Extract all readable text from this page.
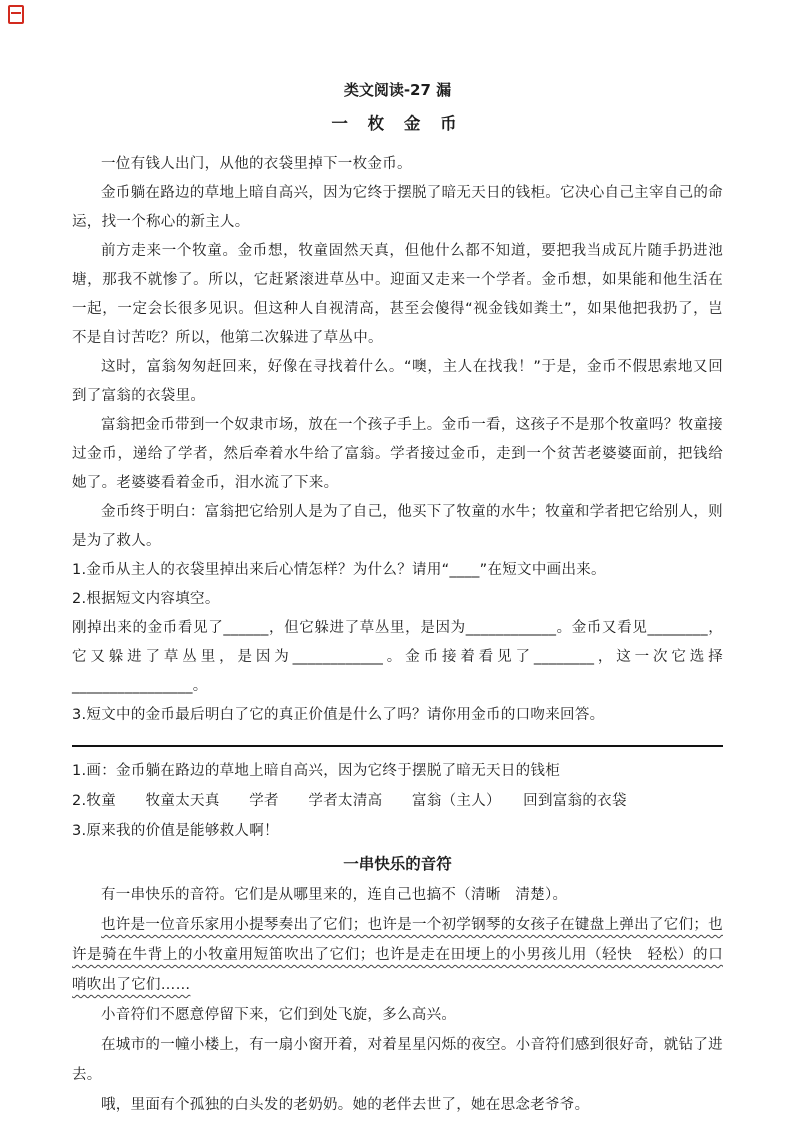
类文阅读-27 漏
一 枚 金 币

一位有钱人出门，从他的衣袋里掉下一枚金币。

金币躺在路边的草地上暗自高兴，因为它终于摆脱了暗无天日的钱柜。它决心自己主宰自己的命运，找一个称心的新主人。

前方走来一个牧童。金币想，牧童固然天真，但他什么都不知道，要把我当成瓦片随手扔进池塘，那我不就惨了。所以，它赶紧滚进草丛中。迎面又走来一个学者。金币想，如果能和他生活在一起，一定会长很多见识。但这种人自视清高，甚至会傻得“视金钱如粪土”，如果他把我扔了，岂不是自讨苦吃？所以，他第二次躲进了草丛中。

这时，富翁匆匆赶回来，好像在寻找着什么。“噢，主人在找我！”于是，金币不假思索地又回到了富翁的衣袋里。

富翁把金币带到一个奴隶市场，放在一个孩子手上。金币一看，这孩子不是那个牧童吗？牧童接过金币，递给了学者，然后牵着水牛给了富翁。学者接过金币，走到一个贫苦老婆婆面前，把钱给她了。老婆婆看着金币，泪水流了下来。

金币终于明白：富翁把它给别人是为了自己，他买下了牧童的水牛；牧童和学者把它给别人，则是为了救人。

1.金币从主人的衣袋里掉出来后心情怎样？为什么？请用“____”在短文中画出来。

2.根据短文内容填空。

刚掉出来的金币看见了______，但它躲进了草丛里，是因为____________。金币又看见________，它又躲进了草丛里，是因为____________。金币接着看见了________，这一次它选择________________。

3.短文中的金币最后明白了它的真正价值是什么了吗？请你用金币的口吻来回答。

1.画：金币躺在路边的草地上暗自高兴，因为它终于摆脱了暗无天日的钱柜

2.牧童　　牧童太天真　　学者　　学者太清高　　富翁（主人）　　回到富翁的衣袋

3.原来我的价值是能够救人啊！

一串快乐的音符

有一串快乐的音符。它们是从哪里来的，连自己也搞不（清晰　清楚）。

也许是一位音乐家用小提琴奏出了它们；也许是一个初学钢琴的女孩子在键盘上弹出了它们；也许是骑在牛背上的小牧童用短笛吹出了它们；也许是走在田埂上的小男孩儿用（轻快　轻松）的口哨吹出了它们……

小音符们不愿意停留下来，它们到处飞旋，多么高兴。

在城市的一幢小楼上，有一扇小窗开着，对着星星闪烁的夜空。小音符们感到很好奇，就钻了进去。

哦，里面有个孤独的白头发的老奶奶。她的老伴去世了，她在思念老爷爷。
